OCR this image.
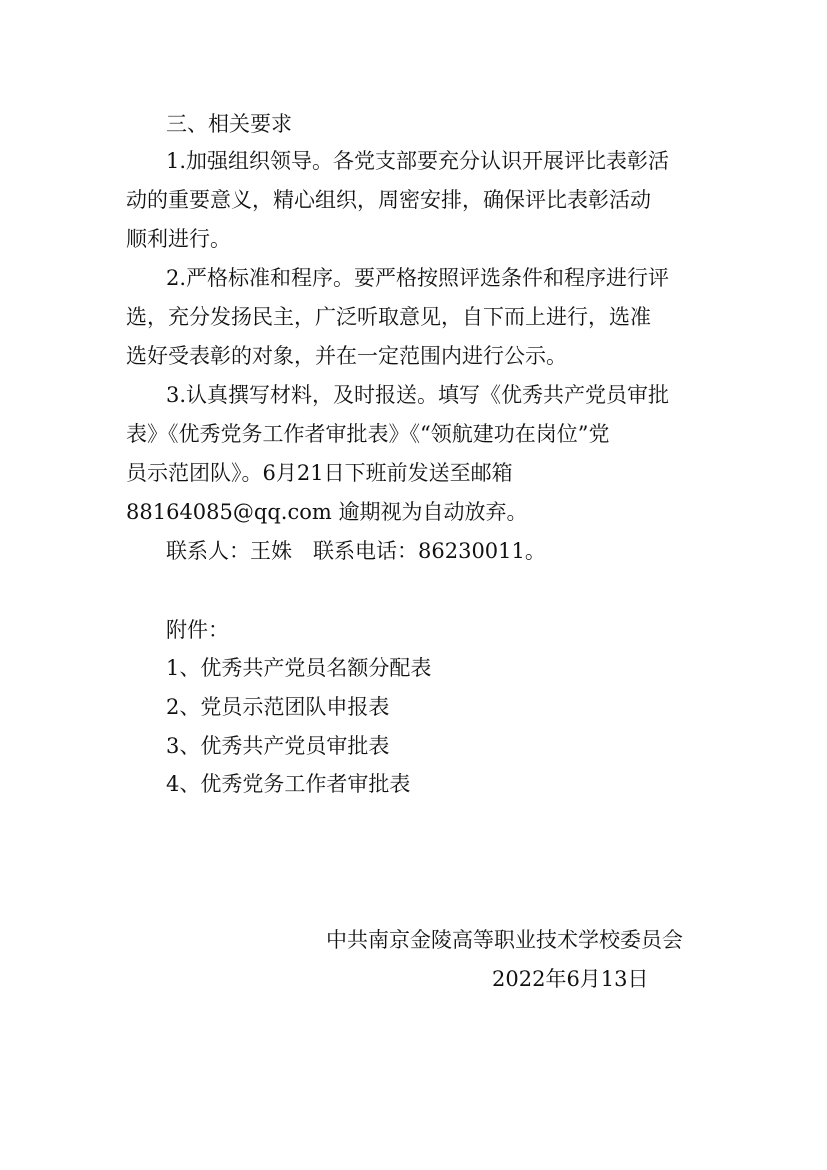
三、相关要求
1.加强组织领导。各党支部要充分认识开展评比表彰活
动的重要意义，精心组织，周密安排，确保评比表彰活动
顺利进行。
2.严格标准和程序。要严格按照评选条件和程序进行评
选，充分发扬民主，广泛听取意见，自下而上进行，选准
选好受表彰的对象，并在一定范围内进行公示。
3.认真撰写材料，及时报送。填写《优秀共产党员审批
表》《优秀党务工作者审批表》《“领航建功在岗位”党
员示范团队》。6月21日下班前发送至邮箱
88164085@qq.com 逾期视为自动放弃。
联系人：王姝　联系电话：86230011。
附件：
1、优秀共产党员名额分配表
2、党员示范团队申报表
3、优秀共产党员审批表
4、优秀党务工作者审批表
中共南京金陵高等职业技术学校委员会
2022年6月13日
